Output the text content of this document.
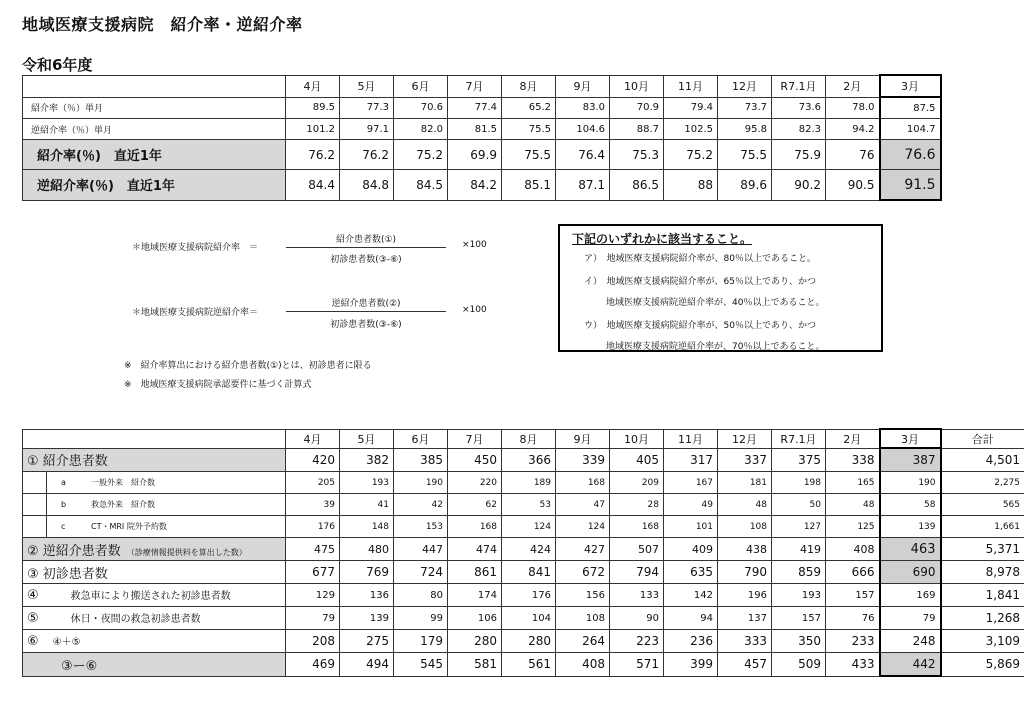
地域医療支援病院　紹介率・逆紹介率
令和6年度
	4月	5月	6月	7月	8月	9月	10月	11月	12月	R7.1月	2月	3月
紹介率（％）単月	89.5	77.3	70.6	77.4	65.2	83.0	70.9	79.4	73.7	73.6	78.0	87.5
逆紹介率（％）単月	101.2	97.1	82.0	81.5	75.5	104.6	88.7	102.5	95.8	82.3	94.2	104.7
紹介率(％)　直近1年	76.2	76.2	75.2	69.9	75.5	76.4	75.3	75.2	75.5	75.9	76	76.6
逆紹介率(％)　直近1年	84.4	84.8	84.5	84.2	85.1	87.1	86.5	88	89.6	90.2	90.5	91.5
＊地域医療支援病院紹介率　＝
紹介患者数(①)
初診患者数(③-⑥)
×100
＊地域医療支援病院逆紹介率＝
逆紹介患者数(②)
初診患者数(③-⑥)
×100
※　紹介率算出における紹介患者数(①)とは、初診患者に限る
※　地域医療支援病院承認要件に基づく計算式
下記のいずれかに該当すること。
ア）　地域医療支援病院紹介率が、80％以上であること。
イ）　地域医療支援病院紹介率が、65％以上であり、かつ
地域医療支援病院逆紹介率が、40％以上であること。
ウ）　地域医療支援病院紹介率が、50％以上であり、かつ
地域医療支援病院逆紹介率が、70％以上であること。
		4月	5月	6月	7月	8月	9月	10月	11月	12月	R7.1月	2月	3月	合計
① 紹介患者数		420	382	385	450	366	339	405	317	337	375	338	387	4,501
	a 一般外来　紹介数	205	193	190	220	189	168	209	167	181	198	165	190	2,275
	b 救急外来　紹介数	39	41	42	62	53	47	28	49	48	50	48	58	565
	c CT・MRI 院外予約数	176	148	153	168	124	124	168	101	108	127	125	139	1,661
② 逆紹介患者数 （診療情報提供料を算出した数）		475	480	447	474	424	427	507	409	438	419	408	463	5,371
③ 初診患者数		677	769	724	861	841	672	794	635	790	859	666	690	8,978
④ 救急車により搬送された初診患者数		129	136	80	174	176	156	133	142	196	193	157	169	1,841
⑤ 休日・夜間の救急初診患者数		79	139	99	106	104	108	90	94	137	157	76	79	1,268
⑥ ④＋⑤		208	275	179	280	280	264	223	236	333	350	233	248	3,109
③ー⑥		469	494	545	581	561	408	571	399	457	509	433	442	5,869
